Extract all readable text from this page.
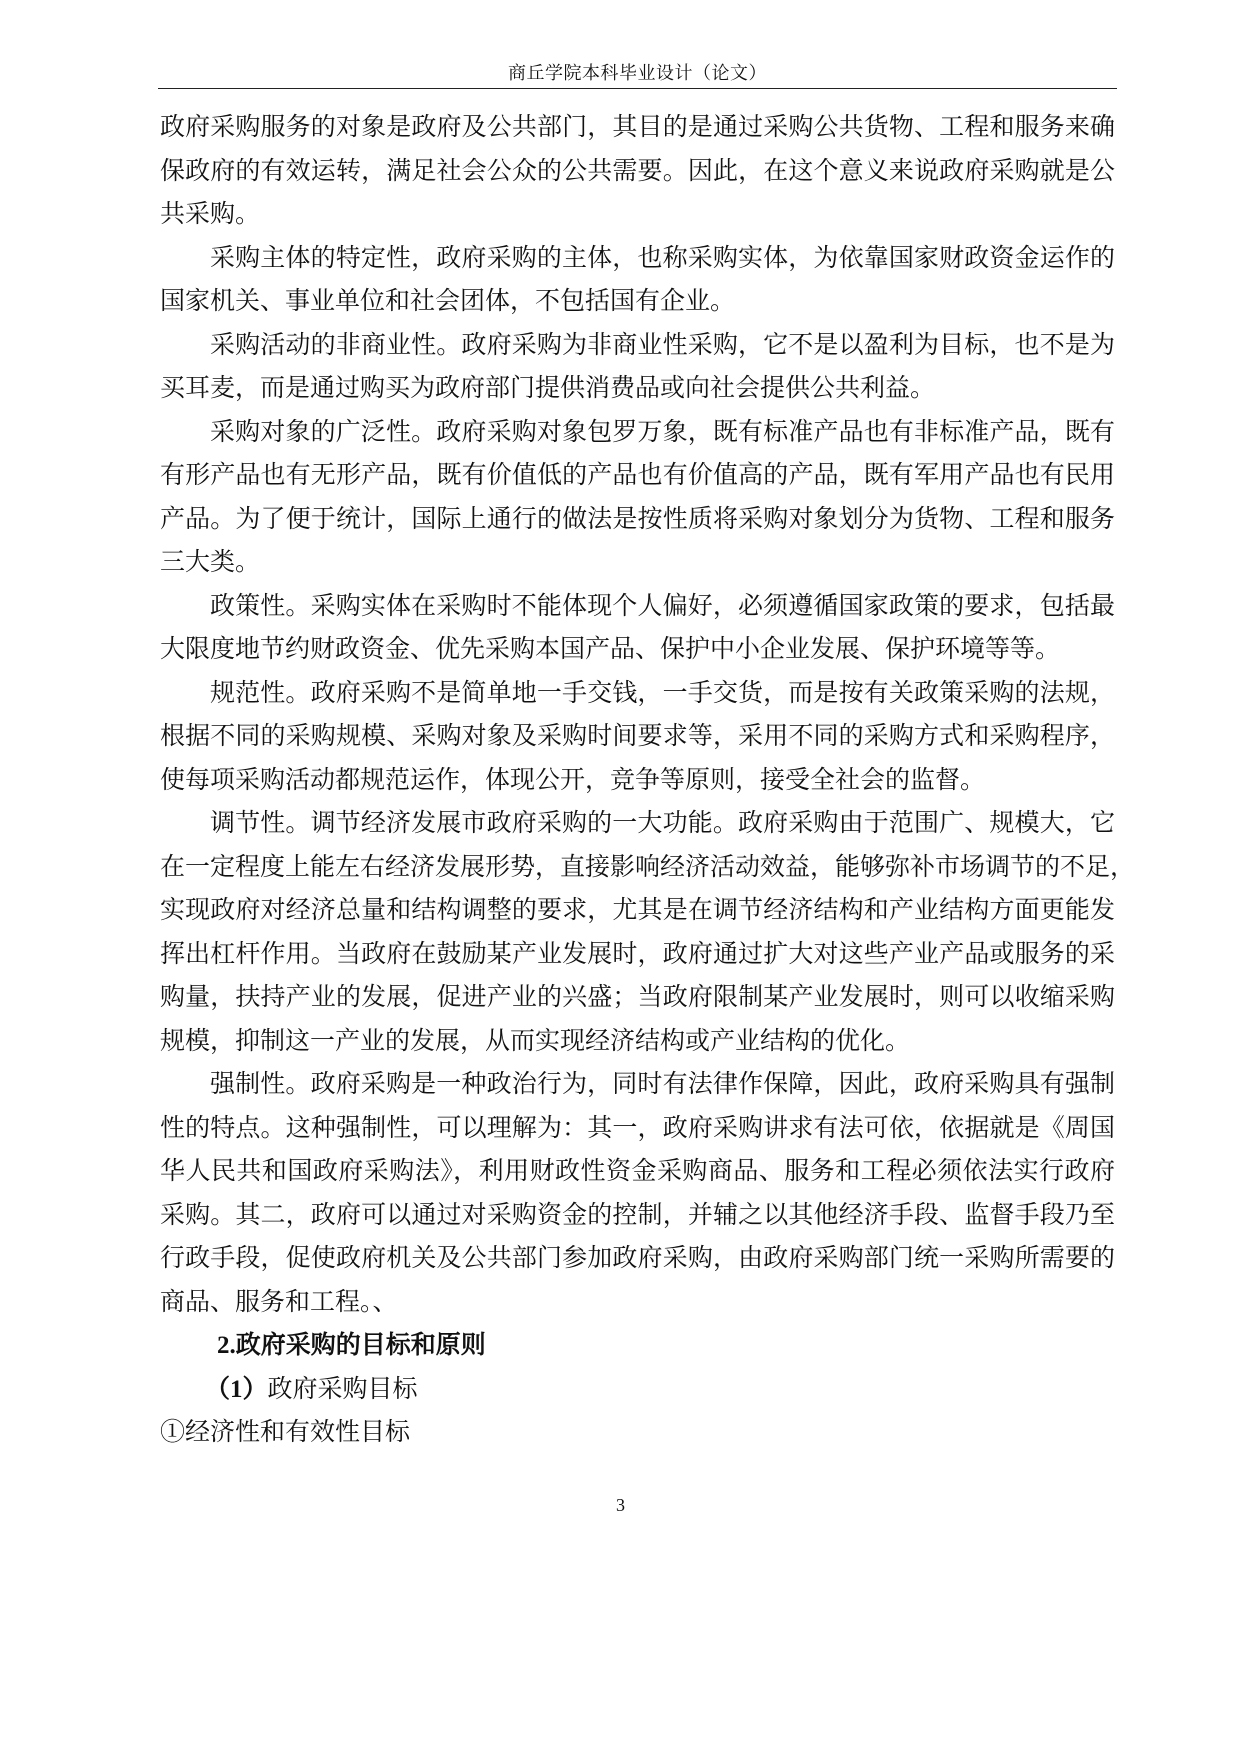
商丘学院本科毕业设计（论文）
政府采购服务的对象是政府及公共部门，其目的是通过采购公共货物、工程和服务来确
保政府的有效运转，满足社会公众的公共需要。因此，在这个意义来说政府采购就是公
共采购。
采购主体的特定性，政府采购的主体，也称采购实体，为依靠国家财政资金运作的
国家机关、事业单位和社会团体，不包括国有企业。
采购活动的非商业性。政府采购为非商业性采购，它不是以盈利为目标，也不是为
买耳麦，而是通过购买为政府部门提供消费品或向社会提供公共利益。
采购对象的广泛性。政府采购对象包罗万象，既有标准产品也有非标准产品，既有
有形产品也有无形产品，既有价值低的产品也有价值高的产品，既有军用产品也有民用
产品。为了便于统计，国际上通行的做法是按性质将采购对象划分为货物、工程和服务
三大类。
政策性。采购实体在采购时不能体现个人偏好，必须遵循国家政策的要求，包括最
大限度地节约财政资金、优先采购本国产品、保护中小企业发展、保护环境等等。
规范性。政府采购不是简单地一手交钱，一手交货，而是按有关政策采购的法规，
根据不同的采购规模、采购对象及采购时间要求等，采用不同的采购方式和采购程序，
使每项采购活动都规范运作，体现公开，竞争等原则，接受全社会的监督。
调节性。调节经济发展市政府采购的一大功能。政府采购由于范围广、规模大，它
在一定程度上能左右经济发展形势，直接影响经济活动效益，能够弥补市场调节的不足，
实现政府对经济总量和结构调整的要求，尤其是在调节经济结构和产业结构方面更能发
挥出杠杆作用。当政府在鼓励某产业发展时，政府通过扩大对这些产业产品或服务的采
购量，扶持产业的发展，促进产业的兴盛；当政府限制某产业发展时，则可以收缩采购
规模，抑制这一产业的发展，从而实现经济结构或产业结构的优化。
强制性。政府采购是一种政治行为，同时有法律作保障，因此，政府采购具有强制
性的特点。这种强制性，可以理解为：其一，政府采购讲求有法可依，依据就是《周国
华人民共和国政府采购法》，利用财政性资金采购商品、服务和工程必须依法实行政府
采购。其二，政府可以通过对采购资金的控制，并辅之以其他经济手段、监督手段乃至
行政手段，促使政府机关及公共部门参加政府采购，由政府采购部门统一采购所需要的
商品、服务和工程。、
2.政府采购的目标和原则
（1）政府采购目标
①经济性和有效性目标
3
